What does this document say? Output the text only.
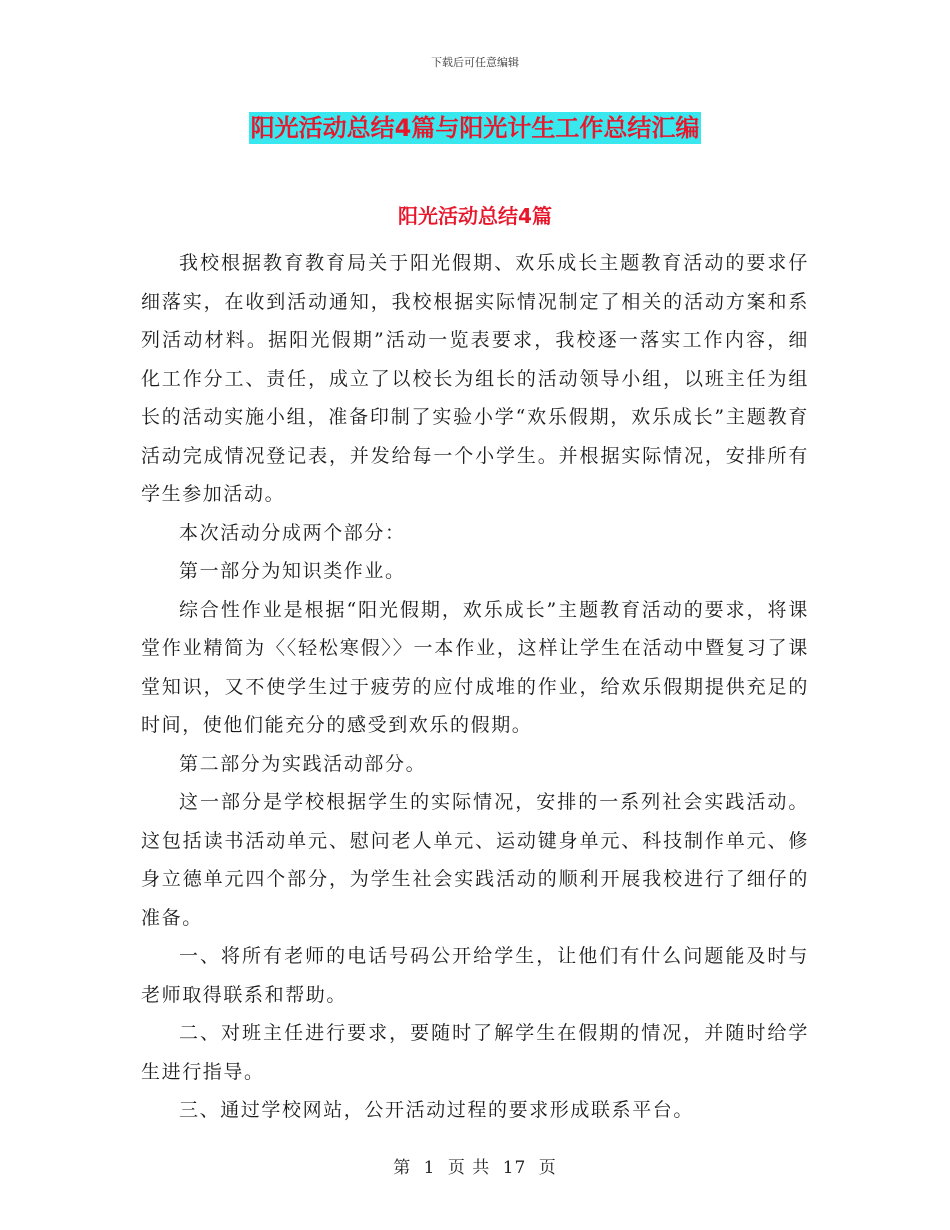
下载后可任意编辑
阳光活动总结4篇与阳光计生工作总结汇编
阳光活动总结4篇

我校根据教育教育局关于阳光假期、欢乐成长主题教育活动的要求仔细落实，在收到活动通知，我校根据实际情况制定了相关的活动方案和系列活动材料。据阳光假期”活动一览表要求，我校逐一落实工作内容，细化工作分工、责任，成立了以校长为组长的活动领导小组，以班主任为组长的活动实施小组，准备印制了实验小学“欢乐假期，欢乐成长”主题教育活动完成情况登记表，并发给每一个小学生。并根据实际情况，安排所有学生参加活动。

本次活动分成两个部分：

第一部分为知识类作业。

综合性作业是根据“阳光假期，欢乐成长”主题教育活动的要求，将课堂作业精简为〈〈轻松寒假〉〉一本作业，这样让学生在活动中暨复习了课堂知识，又不使学生过于疲劳的应付成堆的作业，给欢乐假期提供充足的时间，使他们能充分的感受到欢乐的假期。

第二部分为实践活动部分。

这一部分是学校根据学生的实际情况，安排的一系列社会实践活动。这包括读书活动单元、慰问老人单元、运动键身单元、科技制作单元、修身立德单元四个部分，为学生社会实践活动的顺利开展我校进行了细仔的准备。

一、将所有老师的电话号码公开给学生，让他们有什么问题能及时与老师取得联系和帮助。

二、对班主任进行要求，要随时了解学生在假期的情况，并随时给学生进行指导。

三、通过学校网站，公开活动过程的要求形成联系平台。

第 1 页 共 17 页
